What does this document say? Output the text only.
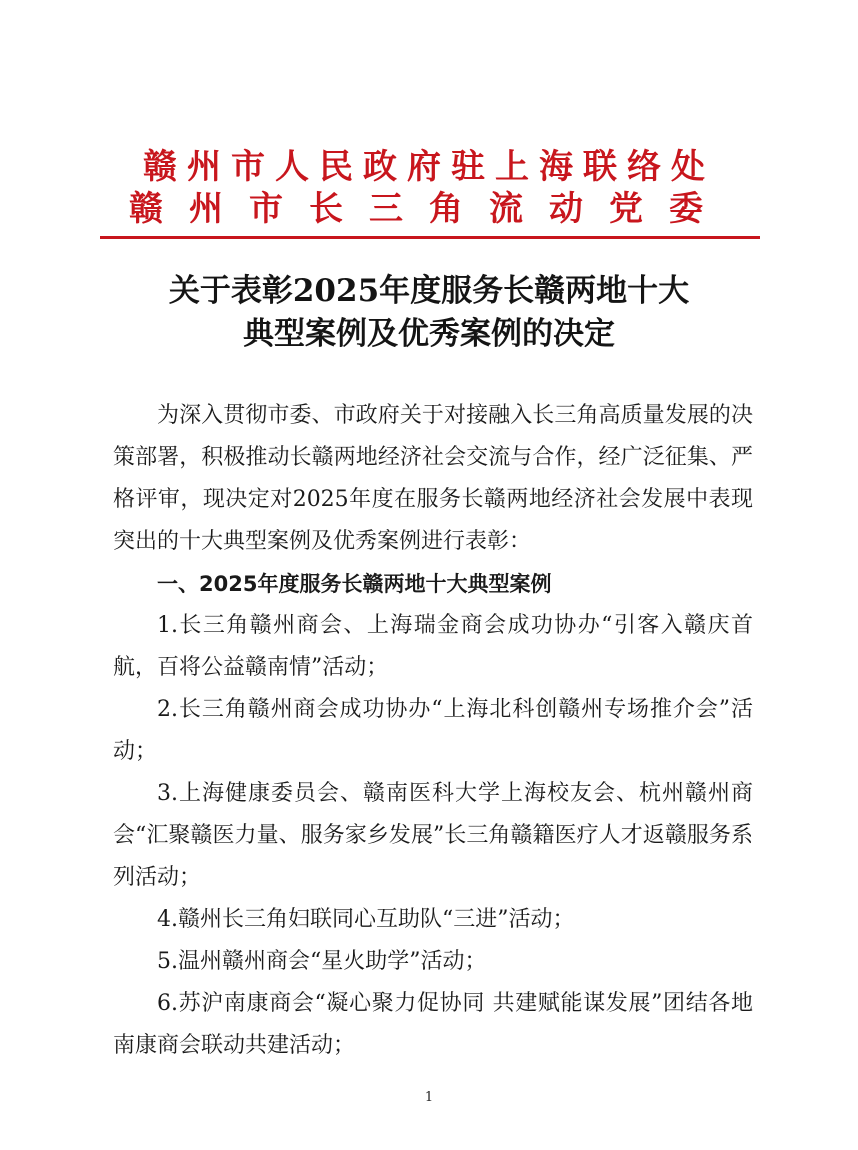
赣州市人民政府驻上海联络处
赣州市长三角流动党委
关于表彰2025年度服务长赣两地十大
典型案例及优秀案例的决定

为深入贯彻市委、市政府关于对接融入长三角高质量发展的决策部署，积极推动长赣两地经济社会交流与合作，经广泛征集、严格评审，现决定对2025年度在服务长赣两地经济社会发展中表现突出的十大典型案例及优秀案例进行表彰：

一、2025年度服务长赣两地十大典型案例

1.长三角赣州商会、上海瑞金商会成功协办“引客入赣庆首航，百将公益赣南情”活动；

2.长三角赣州商会成功协办“上海北科创赣州专场推介会”活动；

3.上海健康委员会、赣南医科大学上海校友会、杭州赣州商会“汇聚赣医力量、服务家乡发展”长三角赣籍医疗人才返赣服务系列活动；

4.赣州长三角妇联同心互助队“三进”活动；

5.温州赣州商会“星火助学”活动；

6.苏沪南康商会“凝心聚力促协同 共建赋能谋发展”团结各地南康商会联动共建活动；

1
